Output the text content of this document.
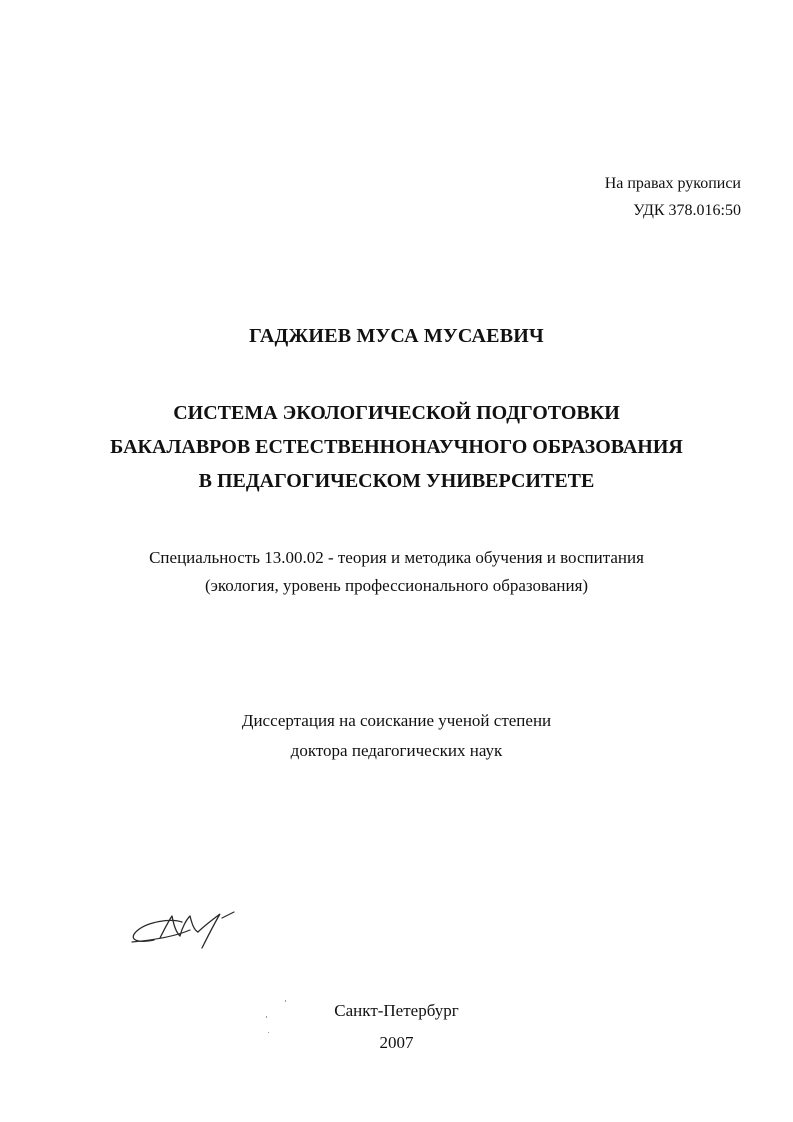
На правах рукописи
УДК 378.016:50
ГАДЖИЕВ МУСА МУСАЕВИЧ
СИСТЕМА ЭКОЛОГИЧЕСКОЙ ПОДГОТОВКИ
БАКАЛАВРОВ ЕСТЕСТВЕННОНАУЧНОГО ОБРАЗОВАНИЯ
В ПЕДАГОГИЧЕСКОМ УНИВЕРСИТЕТЕ
Специальность 13.00.02 - теория и методика обучения и воспитания
(экология, уровень профессионального образования)
Диссертация на соискание ученой степени
доктора педагогических наук
Санкт-Петербург
2007
